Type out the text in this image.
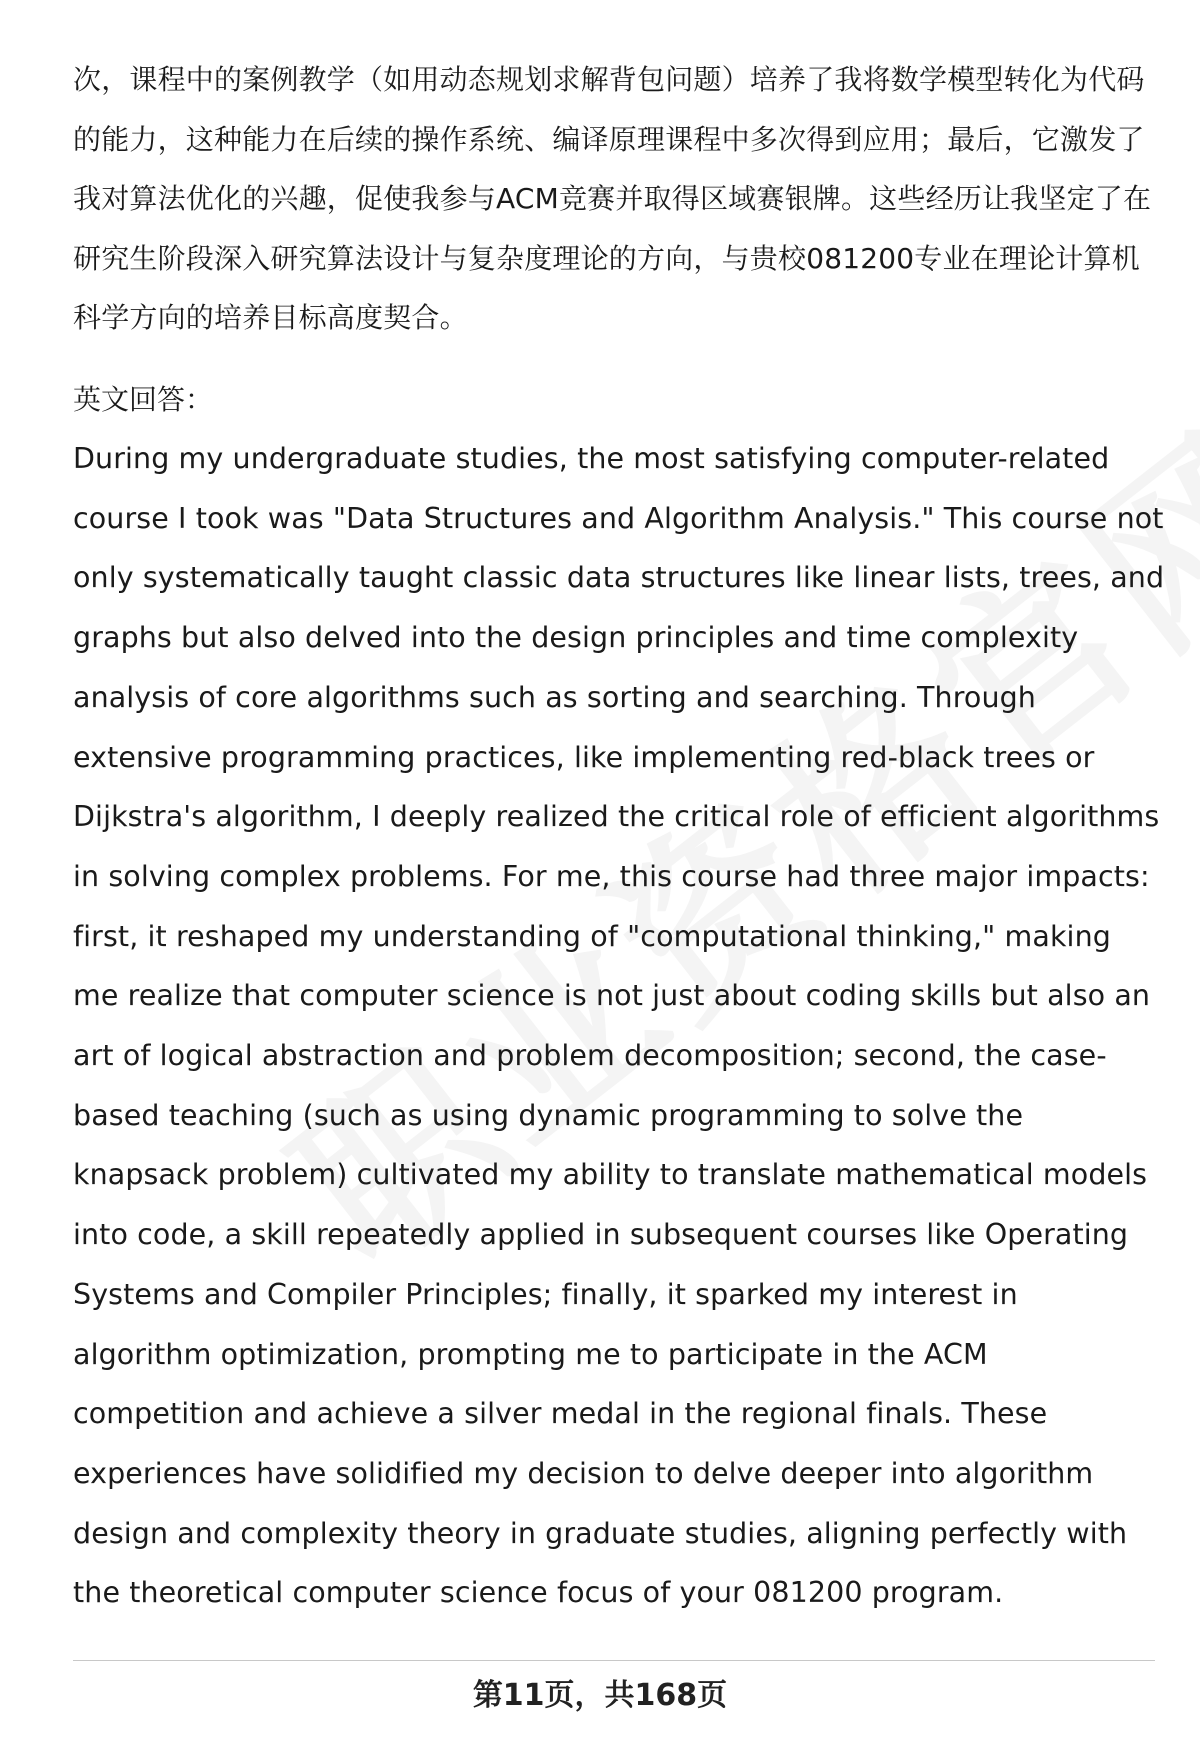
次，课程中的案例教学（如用动态规划求解背包问题）培养了我将数学模型转化为代码的能力，这种能力在后续的操作系统、编译原理课程中多次得到应用；最后，它激发了我对算法优化的兴趣，促使我参与ACM竞赛并取得区域赛银牌。这些经历让我坚定了在研究生阶段深入研究算法设计与复杂度理论的方向，与贵校081200专业在理论计算机科学方向的培养目标高度契合。

英文回答：

During my undergraduate studies, the most satisfying computer-related course I took was "Data Structures and Algorithm Analysis." This course not only systematically taught classic data structures like linear lists, trees, and graphs but also delved into the design principles and time complexity analysis of core algorithms such as sorting and searching. Through extensive programming practices, like implementing red-black trees or Dijkstra's algorithm, I deeply realized the critical role of efficient algorithms in solving complex problems. For me, this course had three major impacts: first, it reshaped my understanding of "computational thinking," making me realize that computer science is not just about coding skills but also an art of logical abstraction and problem decomposition; second, the case-based teaching (such as using dynamic programming to solve the knapsack problem) cultivated my ability to translate mathematical models into code, a skill repeatedly applied in subsequent courses like Operating Systems and Compiler Principles; finally, it sparked my interest in algorithm optimization, prompting me to participate in the ACM competition and achieve a silver medal in the regional finals. These experiences have solidified my decision to delve deeper into algorithm design and complexity theory in graduate studies, aligning perfectly with the theoretical computer science focus of your 081200 program.

第11页，共168页
